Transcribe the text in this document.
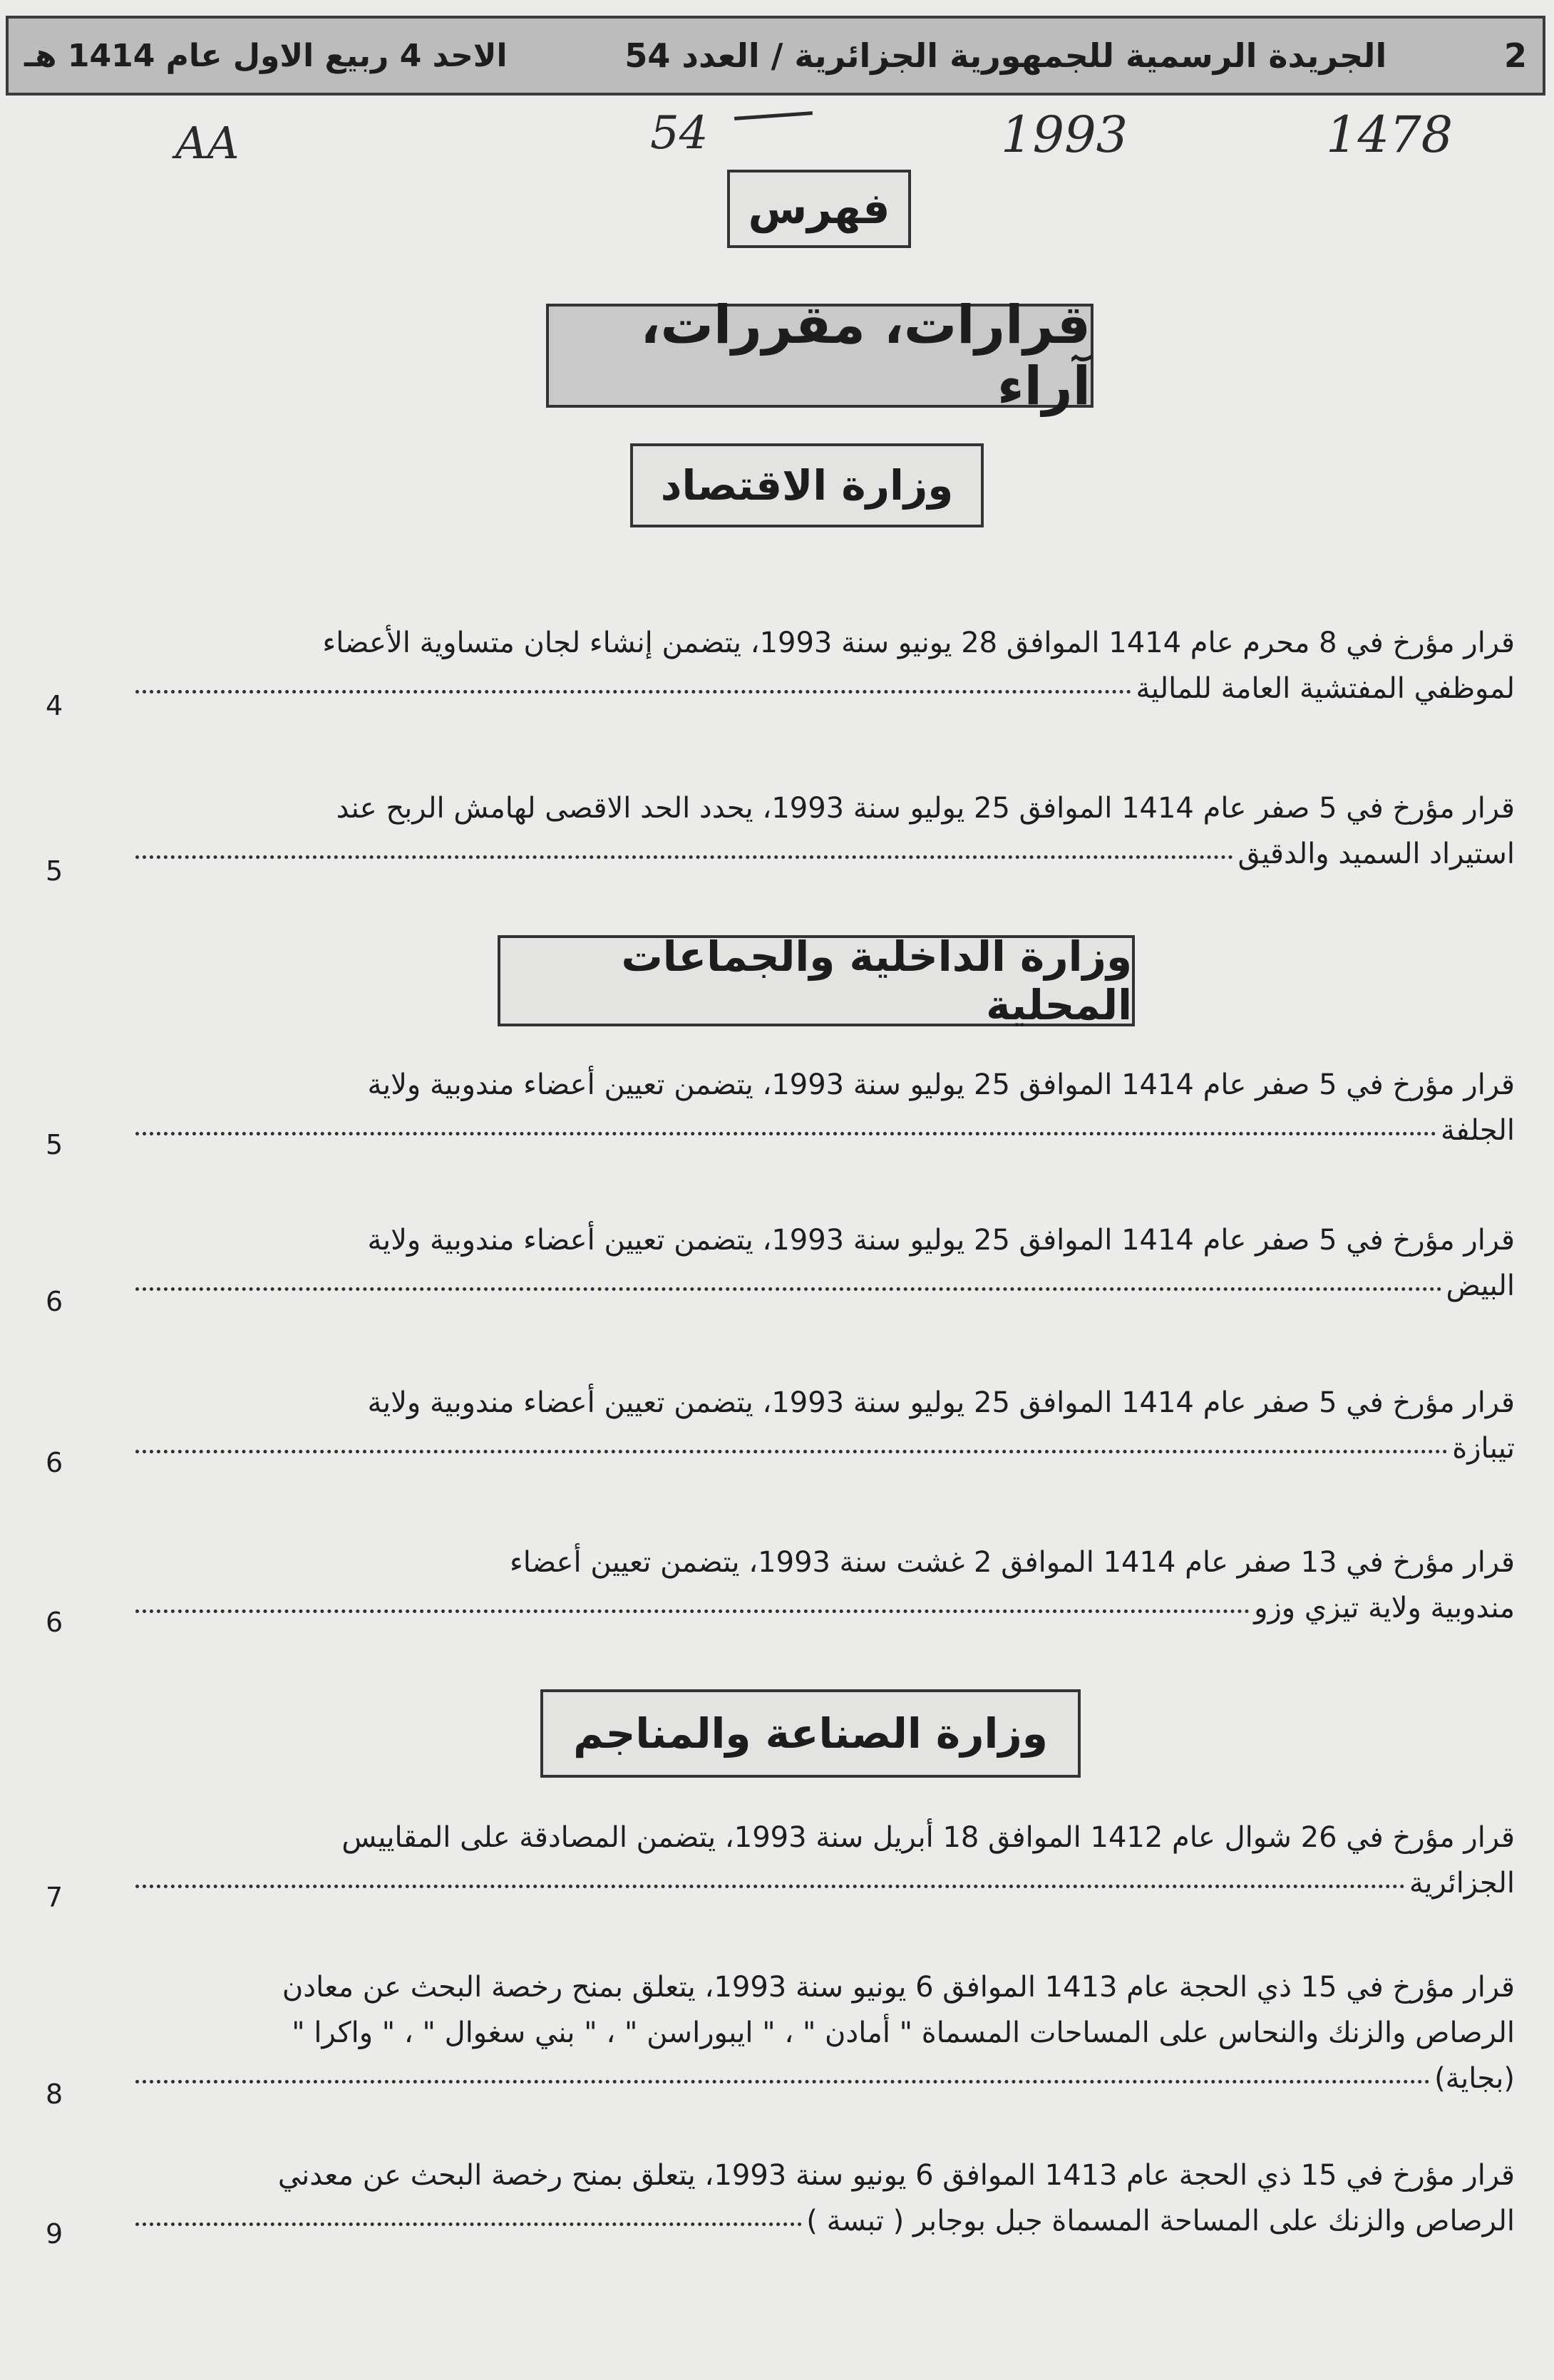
2
الجريدة الرسمية للجمهورية الجزائرية / العدد 54
الاحد 4 ربيع الاول عام 1414 هـ
AA	54	1993	1478
فهرس
قرارات، مقررات، آراء
وزارة الاقتصاد
قرار مؤرخ في 8 محرم عام 1414 الموافق 28 يونيو سنة 1993، يتضمن إنشاء لجان متساوية الأعضاء
لموظفي المفتشية العامة للمالية
4
قرار مؤرخ في 5 صفر عام 1414 الموافق 25 يوليو سنة 1993، يحدد الحد الاقصى لهامش الربح عند
استيراد السميد والدقيق
5
وزارة الداخلية والجماعات المحلية
قرار مؤرخ في 5 صفر عام 1414 الموافق 25 يوليو سنة 1993، يتضمن تعيين أعضاء مندوبية ولاية
الجلفة
5
قرار مؤرخ في 5 صفر عام 1414 الموافق 25 يوليو سنة 1993، يتضمن تعيين أعضاء مندوبية ولاية
البيض
6
قرار مؤرخ في 5 صفر عام 1414 الموافق 25 يوليو سنة 1993، يتضمن تعيين أعضاء مندوبية ولاية
تيبازة
6
قرار مؤرخ في 13 صفر عام 1414 الموافق 2 غشت سنة 1993، يتضمن تعيين أعضاء
مندوبية ولاية تيزي وزو
6
وزارة الصناعة والمناجم
قرار مؤرخ في 26 شوال عام 1412 الموافق 18 أبريل سنة 1993، يتضمن المصادقة على المقاييس
الجزائرية
7
قرار مؤرخ في 15 ذي الحجة عام 1413 الموافق 6 يونيو سنة 1993، يتعلق بمنح رخصة البحث عن معادن
الرصاص والزنك والنحاس على المساحات المسماة " أمادن " ، " ايبوراسن " ، " بني سغوال " ، " واكرا "
(بجاية)
8
قرار مؤرخ في 15 ذي الحجة عام 1413 الموافق 6 يونيو سنة 1993، يتعلق بمنح رخصة البحث عن معدني
الرصاص والزنك على المساحة المسماة جبل بوجابر ( تبسة )
9
